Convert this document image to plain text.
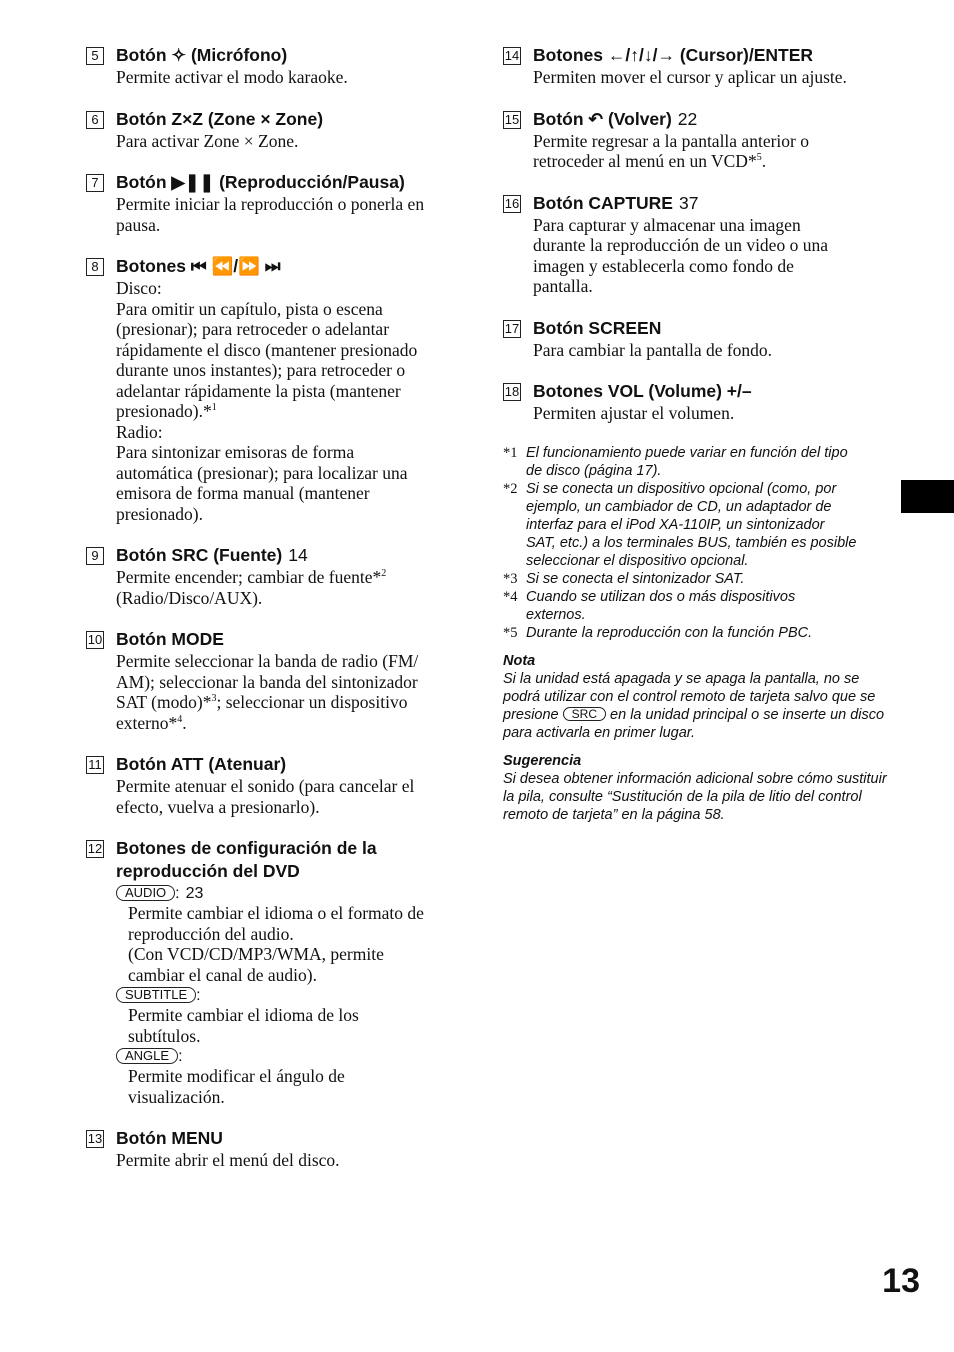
5 Botón ✧ (Micrófono)

Permite activar el modo karaoke.

6 Botón Z×Z (Zone × Zone)

Para activar Zone × Zone.

7 Botón ▶❚❚ (Reproducción/Pausa)

Permite iniciar la reproducción o ponerla en

pausa.

8 Botones ⏮ ⏪/⏩ ⏭

Disco:

Para omitir un capítulo, pista o escena

(presionar); para retroceder o adelantar

rápidamente el disco (mantener presionado

durante unos instantes); para retroceder o

adelantar rápidamente la pista (mantener

presionado).*$^1$

Radio:

Para sintonizar emisoras de forma

automática (presionar); para localizar una

emisora de forma manual (mantener

presionado).

9 Botón SRC (Fuente) 14

Permite encender; cambiar de fuente*$^2$

(Radio/Disco/AUX).

10 Botón MODE

Permite seleccionar la banda de radio (FM/

AM); seleccionar la banda del sintonizador

SAT (modo)*$^3$; seleccionar un dispositivo

externo*$^4$.

11 Botón ATT (Atenuar)

Permite atenuar el sonido (para cancelar el

efecto, vuelva a presionarlo).

12 Botones de configuración de la reproducción del DVD
AUDIO : 23
Permite cambiar el idioma o el formato de
reproducción del audio.
(Con VCD/CD/MP3/WMA, permite
cambiar el canal de audio).
SUBTITLE :
Permite cambiar el idioma de los
subtítulos.
ANGLE :
Permite modificar el ángulo de
visualización.
13 Botón MENU

Permite abrir el menú del disco.

14 Botones ←/↑/↓/→ (Cursor)/ENTER

Permiten mover el cursor y aplicar un ajuste.

15 Botón ↶ (Volver) 22

Permite regresar a la pantalla anterior o

retroceder al menú en un VCD*$^5$.

16 Botón CAPTURE 37

Para capturar y almacenar una imagen

durante la reproducción de un video o una

imagen y establecerla como fondo de

pantalla.

17 Botón SCREEN

Para cambiar la pantalla de fondo.

18 Botones VOL (Volume) +/–

Permiten ajustar el volumen.

*1 El funcionamiento puede variar en función del tipo
de disco (página 17).
*2 Si se conecta un dispositivo opcional (como, por
ejemplo, un cambiador de CD, un adaptador de
interfaz para el iPod XA-110IP, un sintonizador
SAT, etc.) a los terminales BUS, también es posible
seleccionar el dispositivo opcional.
*3 Si se conecta el sintonizador SAT.
*4 Cuando se utilizan dos o más dispositivos
externos.
*5 Durante la reproducción con la función PBC.
Nota
Si la unidad está apagada y se apaga la pantalla, no se podrá utilizar con el control remoto de tarjeta salvo que se presione SRC en la unidad principal o se inserte un disco para activarla en primer lugar.
Sugerencia
Si desea obtener información adicional sobre cómo sustituir la pila, consulte “Sustitución de la pila de litio del control remoto de tarjeta” en la página 58.
13
